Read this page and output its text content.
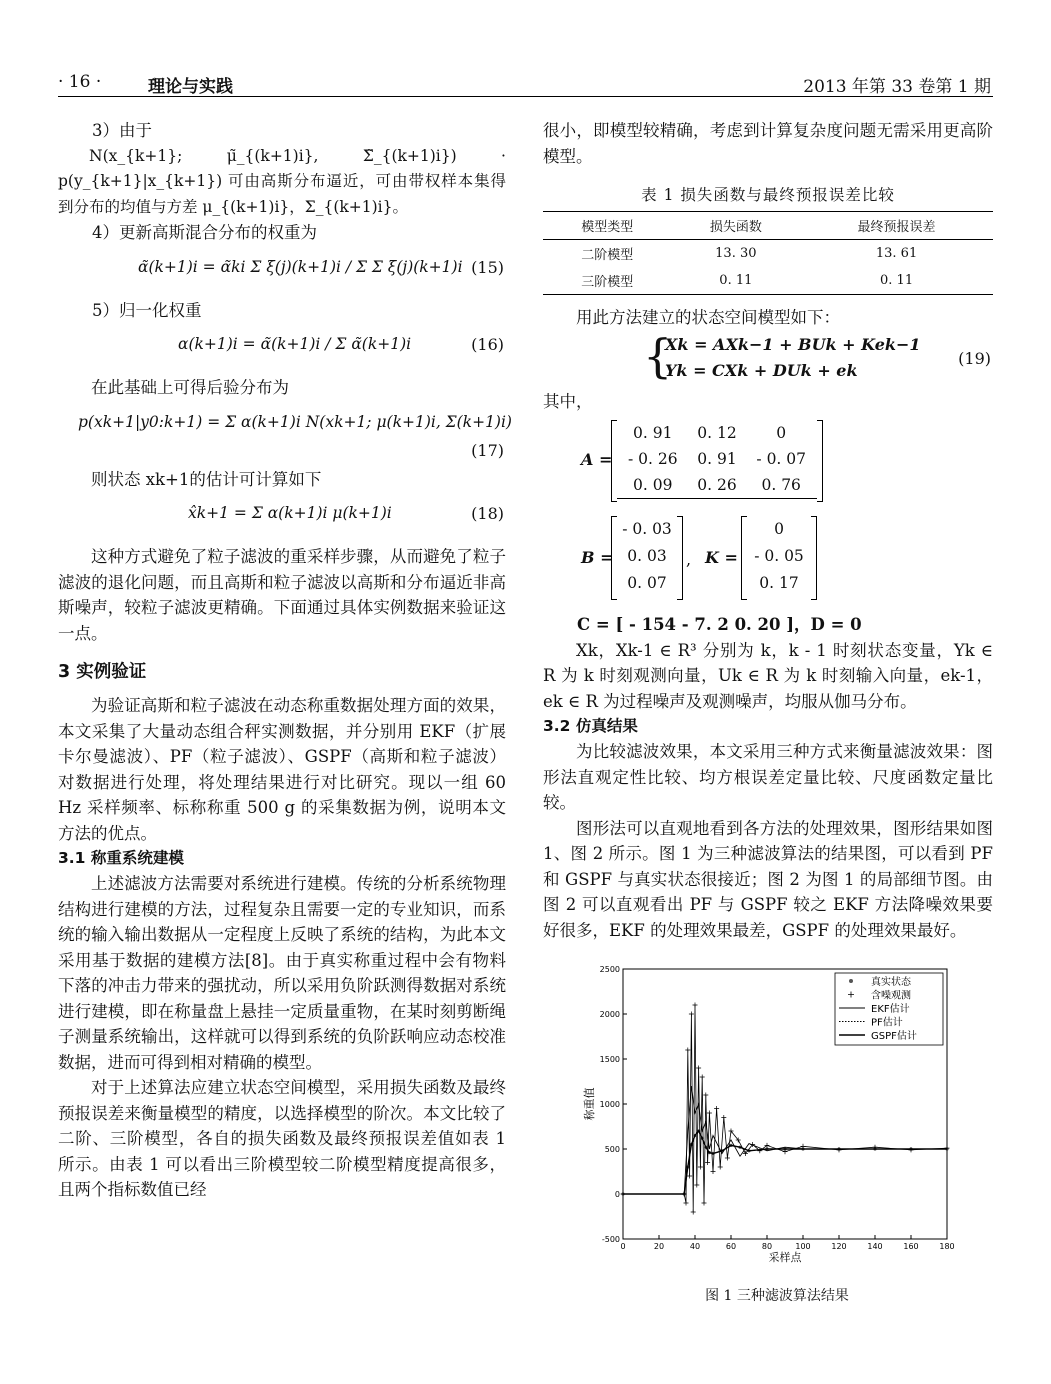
· 16 ·	理论与实践	2013 年第 33 卷第 1 期

3）由于

N(x_{k+1}; μ̃_{(k+1)i}, Σ̃_{(k+1)i}) · p(y_{k+1}|x_{k+1}) 可由高斯分布逼近，可由带权样本集得到分布的均值与方差 μ_{(k+1)i}，Σ_{(k+1)i}。

4）更新高斯混合分布的权重为

α̃(k+1)i = α̃ki Σ ξ(j)(k+1)i / Σ Σ ξ(j)(k+1)i (15)

5）归一化权重

α(k+1)i = α̃(k+1)i / Σ α̃(k+1)i	(16)

在此基础上可得后验分布为

p(xk+1|y0:k+1) = Σ α(k+1)i N(xk+1; μ(k+1)i, Σ(k+1)i)
(17)

则状态 xk+1的估计可计算如下

x̂k+1 = Σ α(k+1)i μ(k+1)i	(18)

这种方式避免了粒子滤波的重采样步骤，从而避免了粒子滤波的退化问题，而且高斯和粒子滤波以高斯和分布逼近非高斯噪声，较粒子滤波更精确。下面通过具体实例数据来验证这一点。

3 实例验证

为验证高斯和粒子滤波在动态称重数据处理方面的效果，本文采集了大量动态组合秤实测数据，并分别用 EKF（扩展卡尔曼滤波）、PF（粒子滤波）、GSPF（高斯和粒子滤波）对数据进行处理，将处理结果进行对比研究。现以一组 60 Hz 采样频率、标称称重 500 g 的采集数据为例，说明本文方法的优点。

3.1 称重系统建模

上述滤波方法需要对系统进行建模。传统的分析系统物理结构进行建模的方法，过程复杂且需要一定的专业知识，而系统的输入输出数据从一定程度上反映了系统的结构，为此本文采用基于数据的建模方法[8]。由于真实称重过程中会有物料下落的冲击力带来的强扰动，所以采用负阶跃测得数据对系统进行建模，即在称量盘上悬挂一定质量重物，在某时刻剪断绳子测量系统输出，这样就可以得到系统的负阶跃响应动态校准数据，进而可得到相对精确的模型。

对于上述算法应建立状态空间模型，采用损失函数及最终预报误差来衡量模型的精度，以选择模型的阶次。本文比较了二阶、三阶模型，各自的损失函数及最终预报误差值如表 1 所示。由表 1 可以看出三阶模型较二阶模型精度提高很多，且两个指标数值已经

很小，即模型较精确，考虑到计算复杂度问题无需采用更高阶模型。

表 1 损失函数与最终预报误差比较
模型类型	损失函数	最终预报误差
二阶模型	13. 30	13. 61
三阶模型	0. 11	0. 11

用此方法建立的状态空间模型如下：

{
Xk = AXk−1 + BUk + Kek−1
Yk = CXk + DUk + ek
(19)

其中，

A =
0. 91	0. 12	0
- 0. 26	0. 91	- 0. 07
0. 09	0. 26	0. 76
B =
- 0. 03
0. 03
0. 07
, K =
0
- 0. 05
0. 17

C = [ - 154 - 7. 2 0. 20 ]，D = 0

Xk，Xk-1 ∈ R³ 分别为 k，k - 1 时刻状态变量，Yk ∈ R 为 k 时刻观测向量，Uk ∈ R 为 k 时刻输入向量，ek-1，ek ∈ R 为过程噪声及观测噪声，均服从伽马分布。

3.2 仿真结果

为比较滤波效果，本文采用三种方式来衡量滤波效果：图形法直观定性比较、均方根误差定量比较、尺度函数定量比较。

图形法可以直观地看到各方法的处理效果，图形结果如图 1、图 2 所示。图 1 为三种滤波算法的结果图，可以看到 PF 和 GSPF 与真实状态很接近；图 2 为图 1 的局部细节图。由图 2 可以直观看出 PF 与 GSPF 较之 EKF 方法降噪效果要好很多，EKF 的处理效果最差，GSPF 的处理效果最好。

-500
0
500
1000
1500
2000
2500
0	20	40	60	80	100	120	140	160	180
采样点
称重值
真实状态
含噪观测
EKF估计
PF估计
GSPF估计
图 1 三种滤波算法结果
